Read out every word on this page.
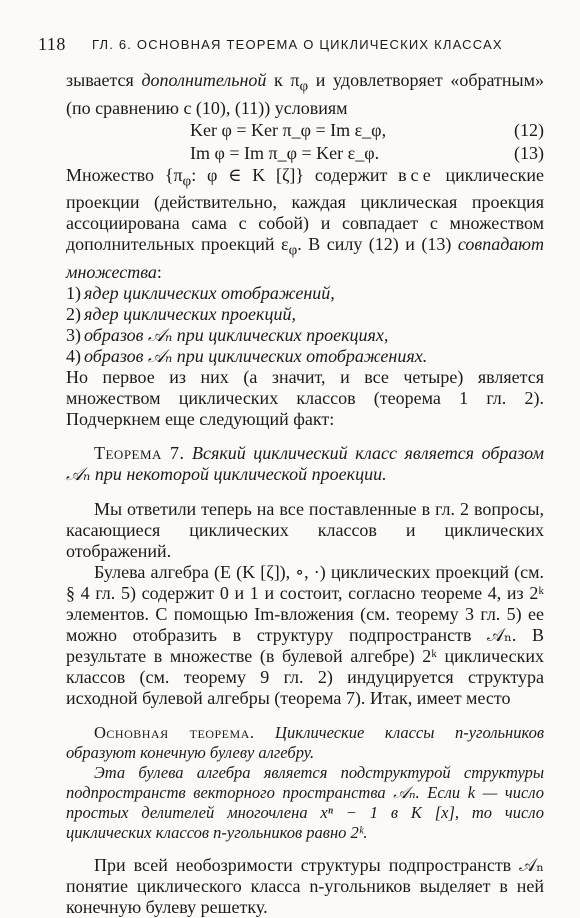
118 ГЛ. 6. ОСНОВНАЯ ТЕОРЕМА О ЦИКЛИЧЕСКИХ КЛАССАХ

зывается дополнительной к $\pi_\varphi$ и удовлетворяет «обратным» (по сравнению с (10), (11)) условиям

Ker φ = Ker π_φ = Im ε_φ,	(12)
Im φ = Im π_φ = Ker ε_φ.	(13)

Множество {$\pi_\varphi$: φ ∈ K [ζ]} содержит все циклические проекции (действительно, каждая циклическая проекция ассоциирована сама с собой) и совпадает с множеством дополнительных проекций $\varepsilon_\varphi$. В силу (12) и (13) совпадают множества:

1) ядер циклических отображений,
2) ядер циклических проекций,
3) образов 𝒜ₙ при циклических проекциях,
4) образов 𝒜ₙ при циклических отображениях.

Но первое из них (а значит, и все четыре) является множеством циклических классов (теорема 1 гл. 2). Подчеркнем еще следующий факт:

Теорема 7. Всякий циклический класс является образом 𝒜ₙ при некоторой циклической проекции.

Мы ответили теперь на все поставленные в гл. 2 вопросы, касающиеся циклических классов и циклических отображений.

Булева алгебра (E (K [ζ]), ∘, ·) циклических проекций (см. § 4 гл. 5) содержит 0 и 1 и состоит, согласно теореме 4, из 2ᵏ элементов. С помощью Im-вложения (см. теорему 3 гл. 5) ее можно отобразить в структуру подпространств 𝒜ₙ. В результате в множестве (в булевой алгебре) 2ᵏ циклических классов (см. теорему 9 гл. 2) индуцируется структура исходной булевой алгебры (теорема 7). Итак, имеет место

Основная теорема. Циклические классы n-угольников образуют конечную булеву алгебру.

Эта булева алгебра является подструктурой структуры подпространств векторного пространства 𝒜ₙ. Если k — число простых делителей многочлена xⁿ − 1 в K [x], то число циклических классов n-угольников равно 2ᵏ.

При всей необозримости структуры подпространств 𝒜ₙ понятие циклического класса n-угольников выделяет в ней конечную булеву решетку.
